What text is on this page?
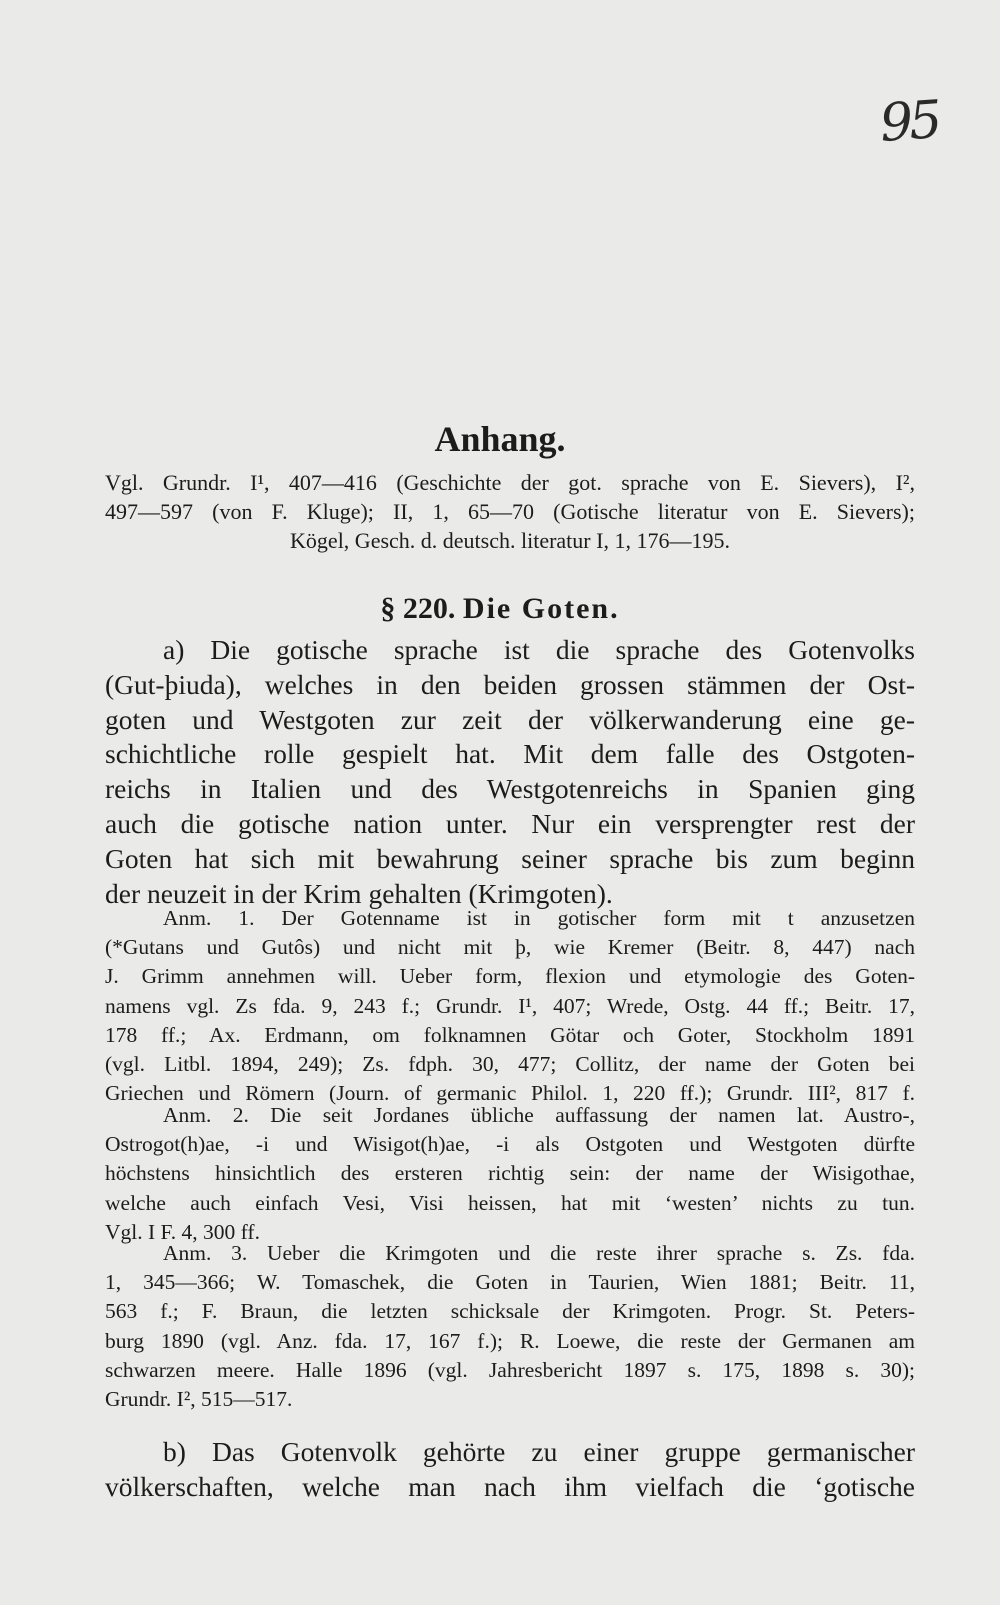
95
Anhang.

Vgl. Grundr. I¹, 407—416 (Geschichte der got. sprache von E. Sievers), I²,
497—597 (von F. Kluge); II, 1, 65—70 (Gotische literatur von E. Sievers);
Kögel, Gesch. d. deutsch. literatur I, 1, 176—195.

§ 220. Die Goten.

a) Die gotische sprache ist die sprache des Gotenvolks
(Gut-þiuda), welches in den beiden grossen stämmen der Ost-
goten und Westgoten zur zeit der völkerwanderung eine ge-
schichtliche rolle gespielt hat. Mit dem falle des Ostgoten-
reichs in Italien und des Westgotenreichs in Spanien ging
auch die gotische nation unter. Nur ein versprengter rest der
Goten hat sich mit bewahrung seiner sprache bis zum beginn
der neuzeit in der Krim gehalten (Krimgoten).

Anm. 1. Der Gotenname ist in gotischer form mit t anzusetzen
(*Gutans und Gutôs) und nicht mit þ, wie Kremer (Beitr. 8, 447) nach
J. Grimm annehmen will. Ueber form, flexion und etymologie des Goten-
namens vgl. Zs fda. 9, 243 f.; Grundr. I¹, 407; Wrede, Ostg. 44 ff.; Beitr. 17,
178 ff.; Ax. Erdmann, om folknamnen Götar och Goter, Stockholm 1891
(vgl. Litbl. 1894, 249); Zs. fdph. 30, 477; Collitz, der name der Goten bei
Griechen und Römern (Journ. of germanic Philol. 1, 220 ff.); Grundr. III², 817 f.

Anm. 2. Die seit Jordanes übliche auffassung der namen lat. Austro-,
Ostrogot(h)ae, -i und Wisigot(h)ae, -i als Ostgoten und Westgoten dürfte
höchstens hinsichtlich des ersteren richtig sein: der name der Wisigothae,
welche auch einfach Vesi, Visi heissen, hat mit ‘westen’ nichts zu tun.
Vgl. I F. 4, 300 ff.

Anm. 3. Ueber die Krimgoten und die reste ihrer sprache s. Zs. fda.
1, 345—366; W. Tomaschek, die Goten in Taurien, Wien 1881; Beitr. 11,
563 f.; F. Braun, die letzten schicksale der Krimgoten. Progr. St. Peters-
burg 1890 (vgl. Anz. fda. 17, 167 f.); R. Loewe, die reste der Germanen am
schwarzen meere. Halle 1896 (vgl. Jahresbericht 1897 s. 175, 1898 s. 30);
Grundr. I², 515—517.

b) Das Gotenvolk gehörte zu einer gruppe germanischer
völkerschaften, welche man nach ihm vielfach die ‘gotische
